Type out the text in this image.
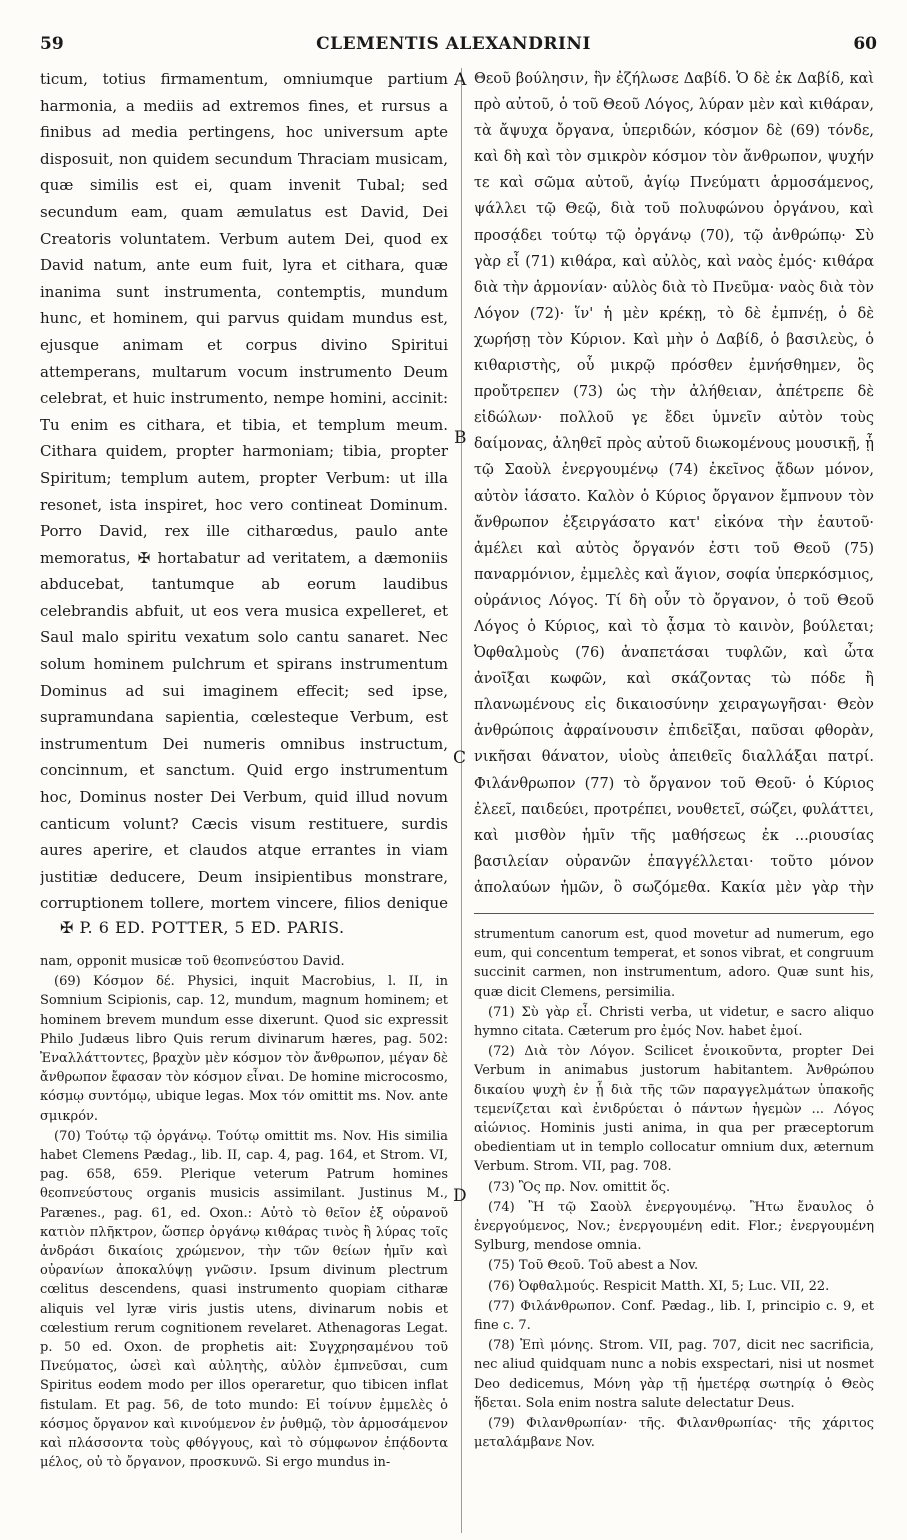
59	CLEMENTIS ALEXANDRINI	60
A
B
C
D

ticum, totius firmamentum, omniumque partium harmonia, a mediis ad extremos fines, et rursus a finibus ad media pertingens, hoc universum apte disposuit, non quidem secundum Thraciam musicam, quæ similis est ei, quam invenit Tubal; sed secundum eam, quam æmulatus est David, Dei Creatoris voluntatem. Verbum autem Dei, quod ex David natum, ante eum fuit, lyra et cithara, quæ inanima sunt instrumenta, contemptis, mundum hunc, et hominem, qui parvus quidam mundus est, ejusque animam et corpus divino Spiritui attemperans, multarum vocum instrumento Deum celebrat, et huic instrumento, nempe homini, accinit: Tu enim es cithara, et tibia, et templum meum. Cithara quidem, propter harmoniam; tibia, propter Spiritum; templum autem, propter Verbum: ut illa resonet, ista inspiret, hoc vero contineat Dominum. Porro David, rex ille citharœdus, paulo ante memoratus, ✠ hortabatur ad veritatem, a dæmoniis abducebat, tantumque ab eorum laudibus celebrandis abfuit, ut eos vera musica expelleret, et Saul malo spiritu vexatum solo cantu sanaret. Nec solum hominem pulchrum et spirans instrumentum Dominus ad sui imaginem effecit; sed ipse, supramundana sapientia, cœlesteque Verbum, est instrumentum Dei numeris omnibus instructum, concinnum, et sanctum. Quid ergo instrumentum hoc, Dominus noster Dei Verbum, quid illud novum canticum volunt? Cæcis visum restituere, surdis aures aperire, et claudos atque errantes in viam justitiæ deducere, Deum insipientibus monstrare, corruptionem tollere, mortem vincere, filios denique

✠ P. 6 ED. POTTER, 5 ED. PARIS.

Θεοῦ βούλησιν, ἣν ἐζήλωσε Δαβίδ. Ὁ δὲ ἐκ Δαβίδ, καὶ πρὸ αὐτοῦ, ὁ τοῦ Θεοῦ Λόγος, λύραν μὲν καὶ κιθάραν, τὰ ἄψυχα ὄργανα, ὑπεριδών, κόσμον δὲ (69) τόνδε, καὶ δὴ καὶ τὸν σμικρὸν κόσμον τὸν ἄνθρωπον, ψυχήν τε καὶ σῶμα αὐτοῦ, ἁγίῳ Πνεύματι ἁρμοσάμενος, ψάλλει τῷ Θεῷ, διὰ τοῦ πολυφώνου ὀργάνου, καὶ προσᾴδει τούτῳ τῷ ὀργάνῳ (70), τῷ ἀνθρώπῳ· Σὺ γὰρ εἶ (71) κιθάρα, καὶ αὐλὸς, καὶ ναὸς ἐμός· κιθάρα διὰ τὴν ἁρμονίαν· αὐλὸς διὰ τὸ Πνεῦμα· ναὸς διὰ τὸν Λόγον (72)· ἵν' ἡ μὲν κρέκῃ, τὸ δὲ ἐμπνέῃ, ὁ δὲ χωρήσῃ τὸν Κύριον. Καὶ μὴν ὁ Δαβίδ, ὁ βασιλεὺς, ὁ κιθαριστὴς, οὗ μικρῷ πρόσθεν ἐμνήσθημεν, ὃς προὔτρεπεν (73) ὡς τὴν ἀλήθειαν, ἀπέτρεπε δὲ εἰδώλων· πολλοῦ γε ἔδει ὑμνεῖν αὐτὸν τοὺς δαίμονας, ἀληθεῖ πρὸς αὐτοῦ διωκομένους μουσικῇ, ᾗ τῷ Σαοὺλ ἐνεργουμένῳ (74) ἐκεῖνος ᾄδων μόνον, αὐτὸν ἰάσατο. Καλὸν ὁ Κύριος ὄργανον ἔμπνουν τὸν ἄνθρωπον ἐξειργάσατο κατ' εἰκόνα τὴν ἑαυτοῦ· ἀμέλει καὶ αὐτὸς ὄργανόν ἐστι τοῦ Θεοῦ (75) παναρμόνιον, ἐμμελὲς καὶ ἅγιον, σοφία ὑπερκόσμιος, οὐράνιος Λόγος. Τί δὴ οὖν τὸ ὄργανον, ὁ τοῦ Θεοῦ Λόγος ὁ Κύριος, καὶ τὸ ᾆσμα τὸ καινὸν, βούλεται; Ὀφθαλμοὺς (76) ἀναπετάσαι τυφλῶν, καὶ ὦτα ἀνοῖξαι κωφῶν, καὶ σκάζοντας τὼ πόδε ἢ πλανωμένους εἰς δικαιοσύνην χειραγωγῆσαι· Θεὸν ἀνθρώποις ἀφραίνουσιν ἐπιδεῖξαι, παῦσαι φθορὰν, νικῆσαι θάνατον, υἱοὺς ἀπειθεῖς διαλλάξαι πατρί. Φιλάνθρωπον (77) τὸ ὄργανον τοῦ Θεοῦ· ὁ Κύριος ἐλεεῖ, παιδεύει, προτρέπει, νουθετεῖ, σώζει, φυλάττει, καὶ μισθὸν ἡμῖν τῆς μαθήσεως ἐκ ...ριουσίας βασιλείαν οὐρανῶν ἐπαγγέλλεται· τοῦτο μόνον ἀπολαύων ἡμῶν, ὃ σωζόμεθα. Κακία μὲν γὰρ τὴν

nam, opponit musicæ τοῦ θεοπνεύστου David.

(69) Κόσμον δέ. Physici, inquit Macrobius, l. II, in Somnium Scipionis, cap. 12, mundum, magnum hominem; et hominem brevem mundum esse dixerunt. Quod sic expressit Philo Judæus libro Quis rerum divinarum hæres, pag. 502: Ἐναλλάττοντες, βραχὺν μὲν κόσμον τὸν ἄνθρωπον, μέγαν δὲ ἄνθρωπον ἔφασαν τὸν κόσμον εἶναι. De homine microcosmo, κόσμῳ συντόμῳ, ubique legas. Mox τόν omittit ms. Nov. ante σμικρόν.

(70) Τούτῳ τῷ ὀργάνῳ. Τούτῳ omittit ms. Nov. His similia habet Clemens Pædag., lib. II, cap. 4, pag. 164, et Strom. VI, pag. 658, 659. Plerique veterum Patrum homines θεοπνεύστους organis musicis assimilant. Justinus M., Parænes., pag. 61, ed. Oxon.: Αὐτὸ τὸ θεῖον ἐξ οὐρανοῦ κατιὸν πλῆκτρον, ὥσπερ ὀργάνῳ κιθάρας τινὸς ἢ λύρας τοῖς ἀνδράσι δικαίοις χρώμενον, τὴν τῶν θείων ἡμῖν καὶ οὐρανίων ἀποκαλύψῃ γνῶσιν. Ipsum divinum plectrum cœlitus descendens, quasi instrumento quopiam citharæ aliquis vel lyræ viris justis utens, divinarum nobis et cœlestium rerum cognitionem revelaret. Athenagoras Legat. p. 50 ed. Oxon. de prophetis ait: Συγχρησαμένου τοῦ Πνεύματος, ὡσεὶ καὶ αὐλητὴς, αὐλὸν ἐμπνεῦσαι, cum Spiritus eodem modo per illos operaretur, quo tibicen inflat fistulam. Et pag. 56, de toto mundo: Εἰ τοίνυν ἐμμελὲς ὁ κόσμος ὄργανον καὶ κινούμενον ἐν ῥυθμῷ, τὸν ἁρμοσάμενον καὶ πλάσσοντα τοὺς φθόγγους, καὶ τὸ σύμφωνον ἐπᾴδοντα μέλος, οὐ τὸ ὄργανον, προσκυνῶ. Si ergo mundus in-

strumentum canorum est, quod movetur ad numerum, ego eum, qui concentum temperat, et sonos vibrat, et congruum succinit carmen, non instrumentum, adoro. Quæ sunt his, quæ dicit Clemens, persimilia.

(71) Σὺ γὰρ εἶ. Christi verba, ut videtur, e sacro aliquo hymno citata. Cæterum pro ἐμός Nov. habet ἐμοί.

(72) Διὰ τὸν Λόγον. Scilicet ἐνοικοῦντα, propter Dei Verbum in animabus justorum habitantem. Ἀνθρώπου δικαίου ψυχὴ ἐν ᾗ διὰ τῆς τῶν παραγγελμάτων ὑπακοῆς τεμενίζεται καὶ ἐνιδρύεται ὁ πάντων ἡγεμὼν ... Λόγος αἰώνιος. Hominis justi anima, in qua per præceptorum obedientiam ut in templo collocatur omnium dux, æternum Verbum. Strom. VII, pag. 708.

(73) Ὃς πρ. Nov. omittit ὅς.

(74) Ἢ τῷ Σαοὺλ ἐνεργουμένῳ. Ἢτω ἔναυλος ὁ ἐνεργούμενος, Nov.; ἐνεργουμένη edit. Flor.; ἐνεργουμένη Sylburg, mendose omnia.

(75) Τοῦ Θεοῦ. Τοῦ abest a Nov.

(76) Ὀφθαλμούς. Respicit Matth. XI, 5; Luc. VII, 22.

(77) Φιλάνθρωπον. Conf. Pædag., lib. I, principio c. 9, et fine c. 7.

(78) Ἐπὶ μόνης. Strom. VII, pag. 707, dicit nec sacrificia, nec aliud quidquam nunc a nobis exspectari, nisi ut nosmet Deo dedicemus, Μόνη γὰρ τῇ ἡμετέρᾳ σωτηρίᾳ ὁ Θεὸς ἥδεται. Sola enim nostra salute delectatur Deus.

(79) Φιλανθρωπίαν· τῆς. Φιλανθρωπίας· τῆς χάριτος μεταλάμβανε Nov.
